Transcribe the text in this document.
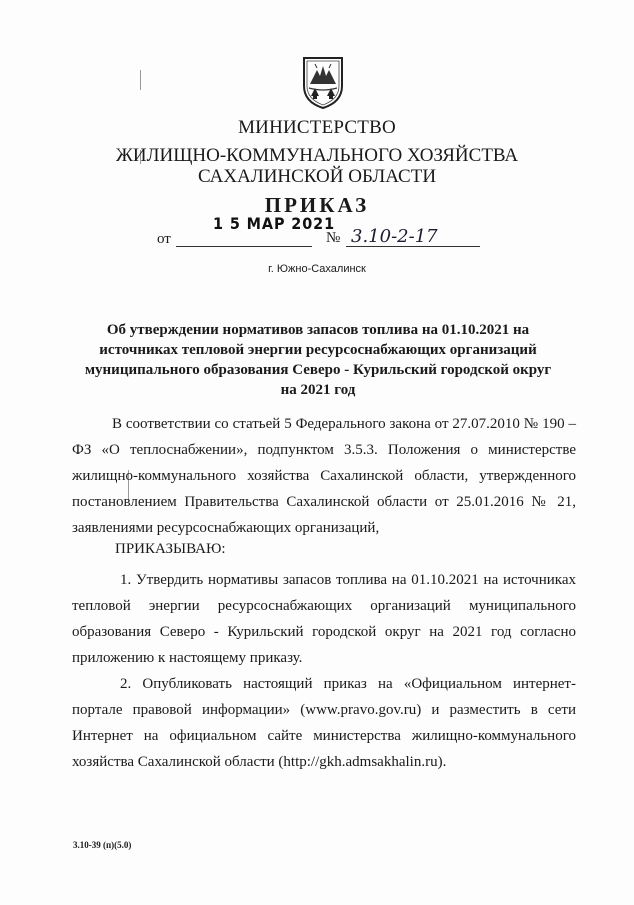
МИНИСТЕРСТВО
ЖИЛИЩНО-КОММУНАЛЬНОГО ХОЗЯЙСТВА
САХАЛИНСКОЙ ОБЛАСТИ
ПРИКАЗ
от
1 5 МАР 2021
№ 3.10-2-17
г. Южно-Сахалинск
Об утверждении нормативов запасов топлива на 01.10.2021 на источниках тепловой энергии ресурсоснабжающих организаций муниципального образования Северо - Курильский городской округ на 2021 год
В соответствии со статьей 5 Федерального закона от 27.07.2010 № 190 – ФЗ «О теплоснабжении», подпунктом 3.5.3. Положения о министерстве жилищно-коммунального хозяйства Сахалинской области, утвержденного постановлением Правительства Сахалинской области от 25.01.2016 № 21, заявлениями ресурсоснабжающих организаций,
ПРИКАЗЫВАЮ:
1. Утвердить нормативы запасов топлива на 01.10.2021 на источниках тепловой энергии ресурсоснабжающих организаций муниципального образования Северо - Курильский городской округ на 2021 год согласно приложению к настоящему приказу.
2. Опубликовать настоящий приказ на «Официальном интернет-портале правовой информации» (www.pravo.gov.ru) и разместить в сети Интернет на официальном сайте министерства жилищно-коммунального хозяйства Сахалинской области (http://gkh.admsakhalin.ru).
3.10-39 (п)(5.0)
